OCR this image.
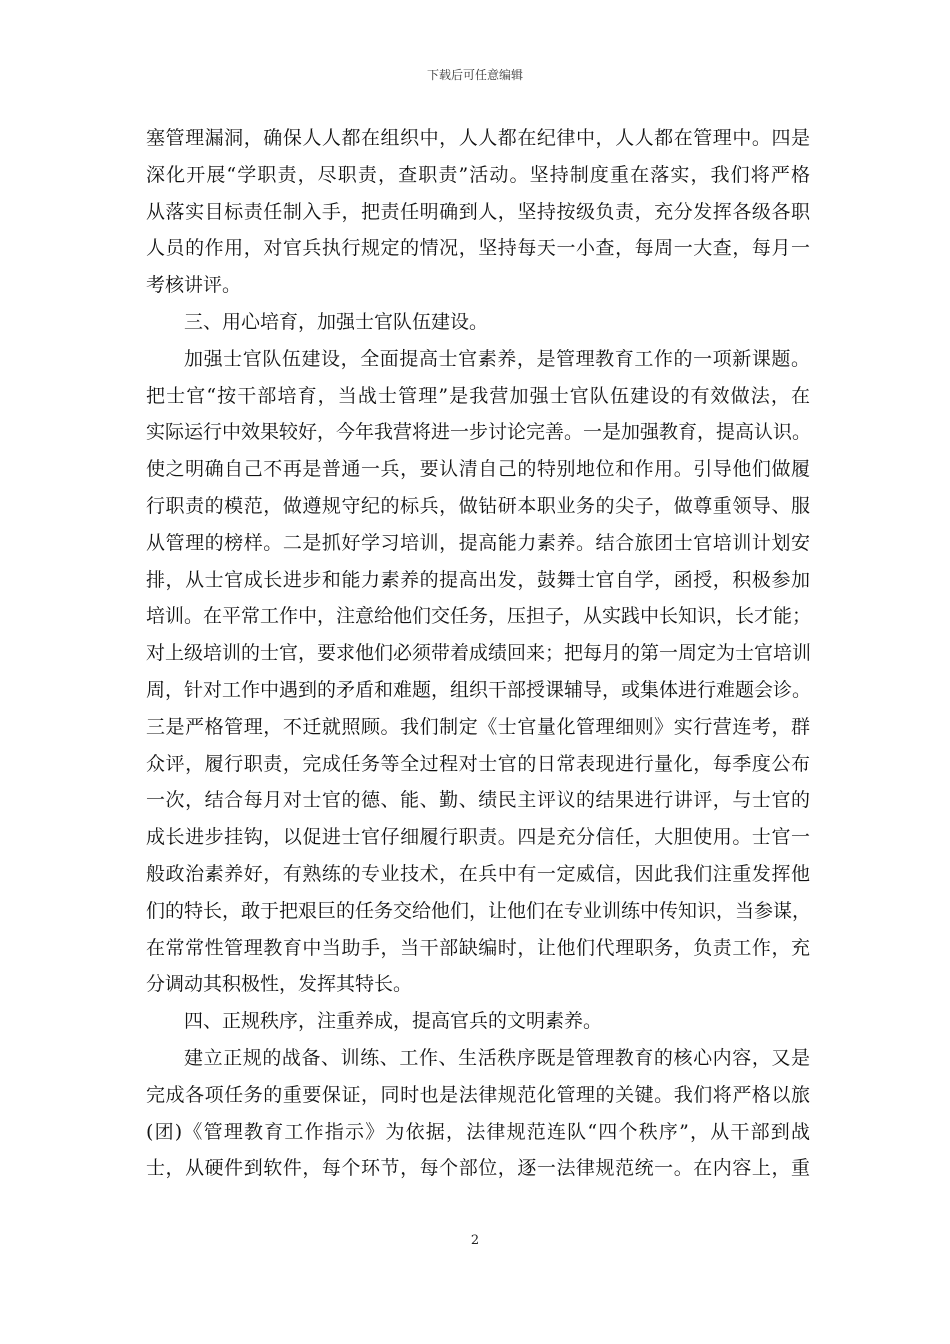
下载后可任意编辑
塞管理漏洞，确保人人都在组织中，人人都在纪律中，人人都在管理中。四是
深化开展“学职责，尽职责，查职责”活动。坚持制度重在落实，我们将严格
从落实目标责任制入手，把责任明确到人，坚持按级负责，充分发挥各级各职
人员的作用，对官兵执行规定的情况，坚持每天一小查，每周一大查，每月一
考核讲评。
三、用心培育，加强士官队伍建设。
加强士官队伍建设，全面提高士官素养，是管理教育工作的一项新课题。
把士官“按干部培育，当战士管理”是我营加强士官队伍建设的有效做法，在
实际运行中效果较好，今年我营将进一步讨论完善。一是加强教育，提高认识。
使之明确自己不再是普通一兵，要认清自己的特别地位和作用。引导他们做履
行职责的模范，做遵规守纪的标兵，做钻研本职业务的尖子，做尊重领导、服
从管理的榜样。二是抓好学习培训，提高能力素养。结合旅团士官培训计划安
排，从士官成长进步和能力素养的提高出发，鼓舞士官自学，函授，积极参加
培训。在平常工作中，注意给他们交任务，压担子，从实践中长知识，长才能；
对上级培训的士官，要求他们必须带着成绩回来；把每月的第一周定为士官培训
周，针对工作中遇到的矛盾和难题，组织干部授课辅导，或集体进行难题会诊。
三是严格管理，不迁就照顾。我们制定《士官量化管理细则》实行营连考，群
众评，履行职责，完成任务等全过程对士官的日常表现进行量化，每季度公布
一次，结合每月对士官的德、能、勤、绩民主评议的结果进行讲评，与士官的
成长进步挂钩，以促进士官仔细履行职责。四是充分信任，大胆使用。士官一
般政治素养好，有熟练的专业技术，在兵中有一定威信，因此我们注重发挥他
们的特长，敢于把艰巨的任务交给他们，让他们在专业训练中传知识，当参谋，
在常常性管理教育中当助手，当干部缺编时，让他们代理职务，负责工作，充
分调动其积极性，发挥其特长。
四、正规秩序，注重养成，提高官兵的文明素养。
建立正规的战备、训练、工作、生活秩序既是管理教育的核心内容，又是
完成各项任务的重要保证，同时也是法律规范化管理的关键。我们将严格以旅
(团)《管理教育工作指示》为依据，法律规范连队“四个秩序”，从干部到战
士，从硬件到软件，每个环节，每个部位，逐一法律规范统一。在内容上，重
2
